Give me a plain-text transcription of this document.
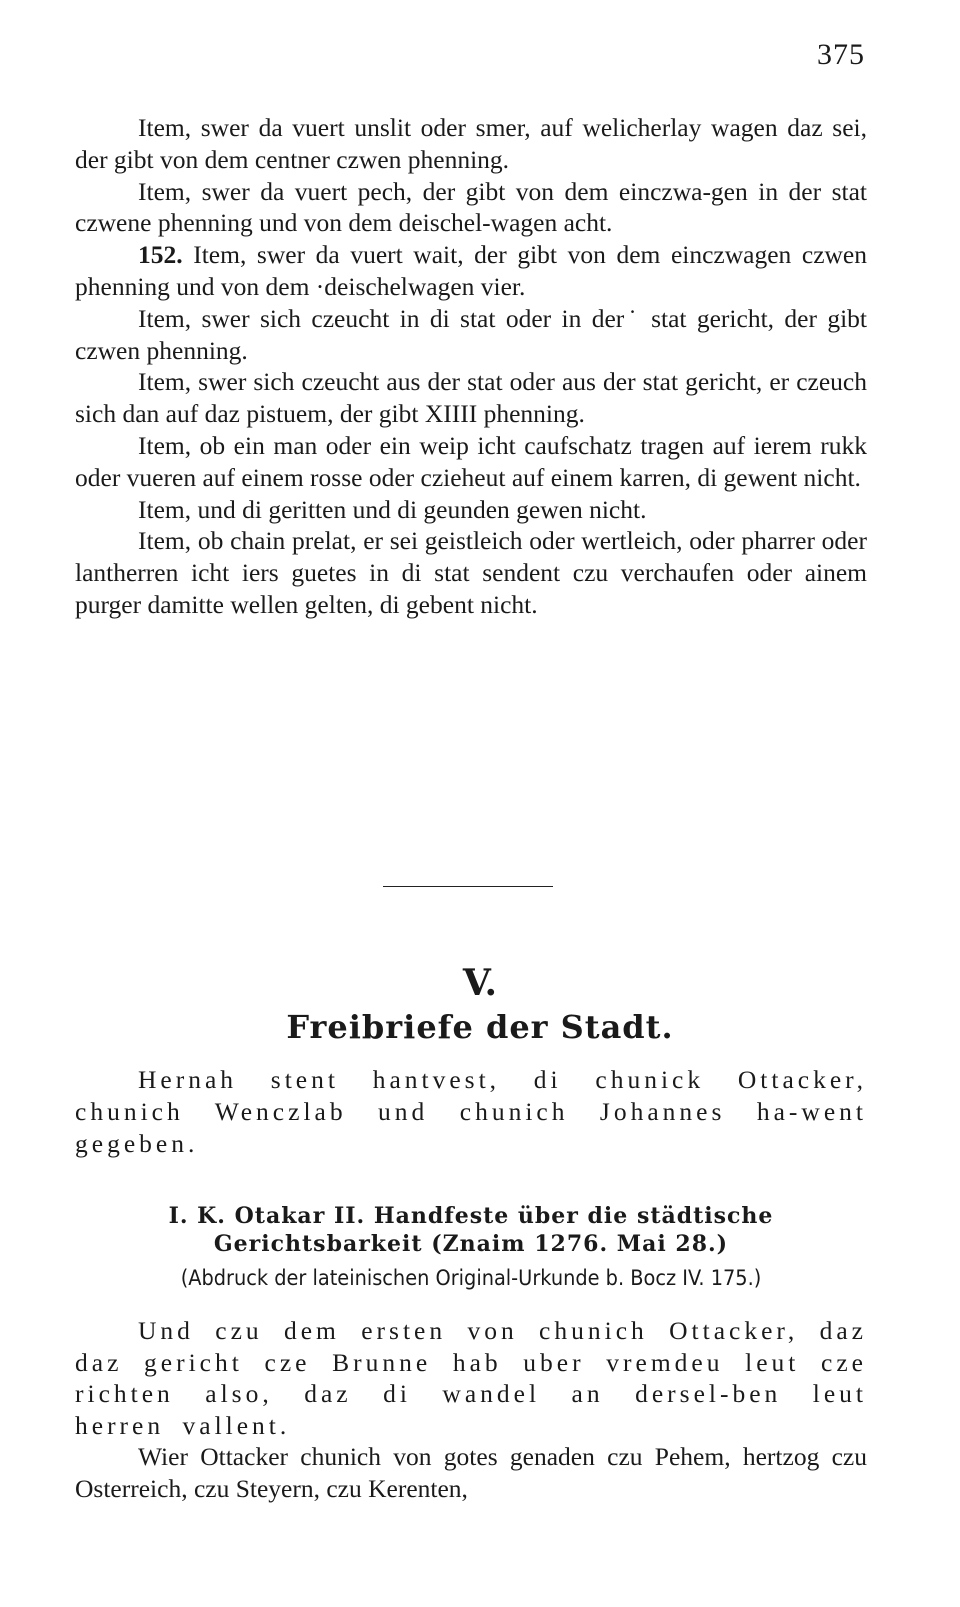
375

Item, swer da vuert unslit oder smer, auf welicherlay wagen daz sei, der gibt von dem centner czwen phenning.

Item, swer da vuert pech, der gibt von dem einczwa-gen in der stat czwene phenning und von dem deischel-wagen acht.

152. Item, swer da vuert wait, der gibt von dem einczwagen czwen phenning und von dem ·deischelwagen vier.

Item, swer sich czeucht in di stat oder in der˙ stat gericht, der gibt czwen phenning.

Item, swer sich czeucht aus der stat oder aus der stat gericht, er czeuch sich dan auf daz pistuem, der gibt XIIII phenning.

Item, ob ein man oder ein weip icht caufschatz tragen auf ierem rukk oder vueren auf einem rosse oder czieheut auf einem karren, di gewent nicht.

Item, und di geritten und di geunden gewen nicht.

Item, ob chain prelat, er sei geistleich oder wertleich, oder pharrer oder lantherren icht iers guetes in di stat sendent czu verchaufen oder ainem purger damitte wellen gelten, di gebent nicht.

V.
Freibriefe der Stadt.

Hernah stent hantvest, di chunick Ottacker, chunich Wenczlab und chunich Johannes ha-went gegeben.

I. K. Otakar II. Handfeste über die städtische Gerichtsbarkeit (Znaim 1276. Mai 28.)

(Abdruck der lateinischen Original-Urkunde b. Bocz IV. 175.)

Und czu dem ersten von chunich Ottacker, daz daz gericht cze Brunne hab uber vremdeu leut cze richten also, daz di wandel an dersel-ben leut herren vallent.

Wier Ottacker chunich von gotes genaden czu Pehem, hertzog czu Osterreich, czu Steyern, czu Kerenten,
